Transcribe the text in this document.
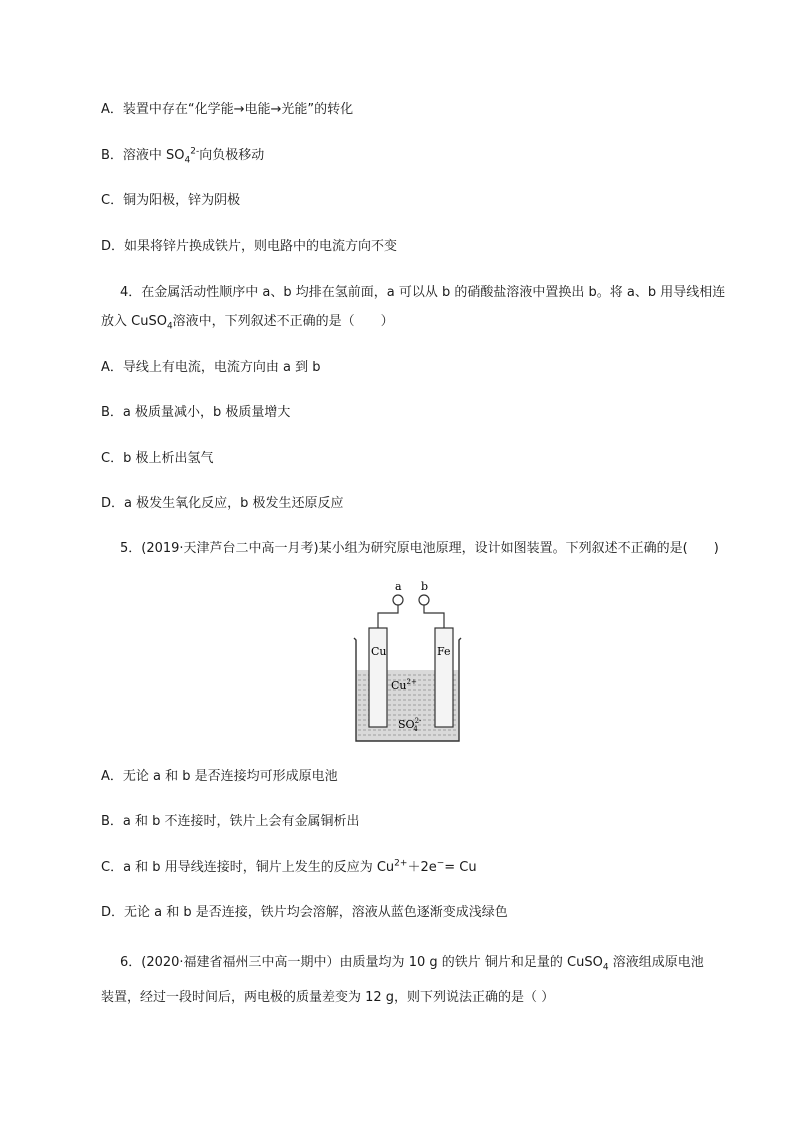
A．装置中存在“化学能→电能→光能”的转化
B．溶液中 $SO_4^{2-}$向负极移动
C．铜为阳极，锌为阴极
D．如果将锌片换成铁片，则电路中的电流方向不变
4．在金属活动性顺序中 a、b 均排在氢前面，a 可以从 b 的硝酸盐溶液中置换出 b。将 a、b 用导线相连
放入 CuSO$_4$溶液中，下列叙述不正确的是（　　）
A．导线上有电流，电流方向由 a 到 b
B．a 极质量减小，b 极质量增大
C．b 极上析出氢气
D．a 极发生氧化反应，b 极发生还原反应
5．(2019·天津芦台二中高一月考)某小组为研究原电池原理，设计如图装置。下列叙述不正确的是(　　)
a b
Cu	Fe
$Cu^{2+}$
$SO^{2-}4$
A．无论 a 和 b 是否连接均可形成原电池
B．a 和 b 不连接时，铁片上会有金属铜析出
C．a 和 b 用导线连接时，铜片上发生的反应为 $Cu^{2+}+2e^-= Cu$
D．无论 a 和 b 是否连接，铁片均会溶解，溶液从蓝色逐渐变成浅绿色
6．(2020·福建省福州三中高一期中）由质量均为 10 g 的铁片 铜片和足量的 CuSO$_4$ 溶液组成原电池
装置，经过一段时间后，两电极的质量差变为 12 g，则下列说法正确的是（ ）
